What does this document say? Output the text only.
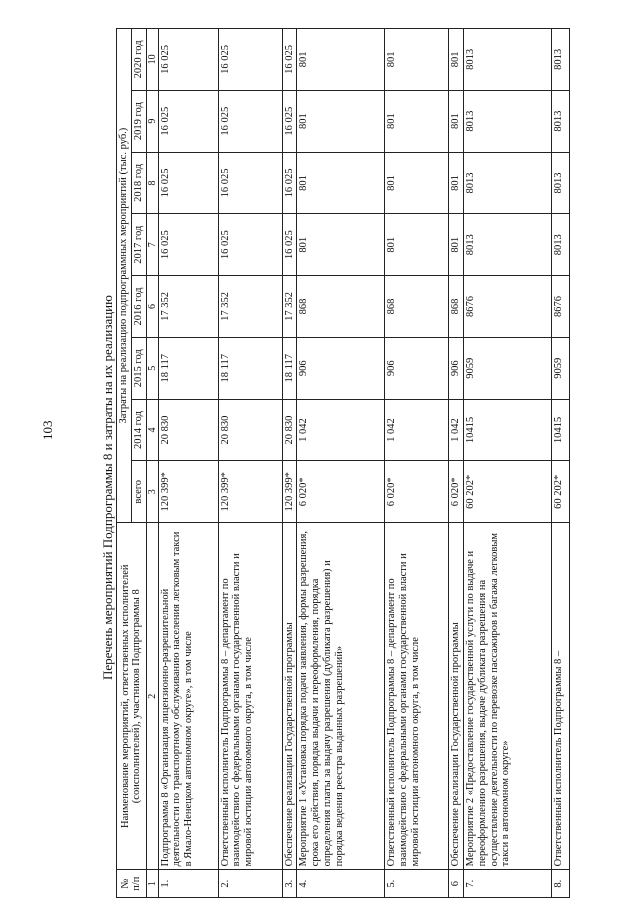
103	Перечень мероприятий Подпрограммы 8 и затраты на их реализацию
№ п/п	Наименование мероприятий, ответственных исполнителей (соисполнителей), участников Подпрограммы 8	Затраты на реализацию подпрограммных мероприятий (тыс. руб.)							
		всего	2014 год	2015 год	2016 год	2017 год	2018 год	2019 год	2020 год
1	2	3	4	5	6	7	8	9	10
1.	Подпрограмма 8 «Организация лицензионно-разрешительной деятельности по транспортному обслуживанию населения легковым такси в Ямало-Ненецком автономном округе», в том числе	120 399*	20 830	18 117	17 352	16 025	16 025	16 025	16 025
2.	Ответственный исполнитель Подпрограммы 8 – департамент по взаимодействию с федеральными органами государственной власти и мировой юстиции автономного округа, в том числе	120 399*	20 830	18 117	17 352	16 025	16 025	16 025	16 025
3.	Обеспечение реализации Государственной программы	120 399*	20 830	18 117	17 352	16 025	16 025	16 025	16 025
4.	Мероприятие 1 «Установка порядка подачи заявления, формы разрешения, срока его действия, порядка выдачи и переоформления, порядка определения платы за выдачу разрешения (дубликата разрешения) и порядка ведения реестра выданных разрешений»	6 020*	1 042	906	868	801	801	801	801
5.	Ответственный исполнитель Подпрограммы 8 – департамент по взаимодействию с федеральными органами государственной власти и мировой юстиции автономного округа, в том числе	6 020*	1 042	906	868	801	801	801	801
6	Обеспечение реализации Государственной программы	6 020*	1 042	906	868	801	801	801	801
7.	Мероприятие 2 «Предоставление государственной услуги по выдаче и переоформлению разрешения, выдаче дубликата разрешения на осуществление деятельности по перевозке пассажиров и багажа легковым такси в автономном округе»	60 202*	10415	9059	8676	8013	8013	8013	8013
8.	Ответственный исполнитель Подпрограммы 8 –	60 202*	10415	9059	8676	8013	8013	8013	8013
